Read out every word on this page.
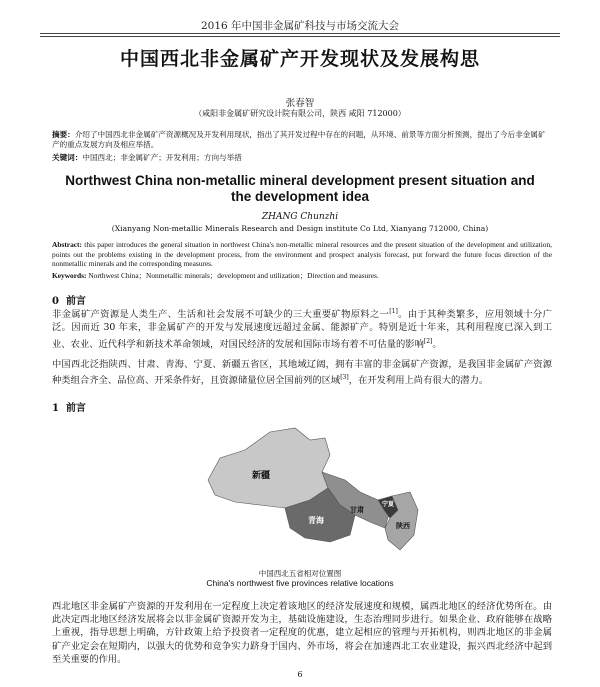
2016 年中国非金属矿科技与市场交流大会
中国西北非金属矿产开发现状及发展构思
张春智
（咸阳非金属矿研究设计院有限公司，陕西 咸阳 712000）
摘要：介绍了中国西北非金属矿产资源概况及开发利用现状，指出了其开发过程中存在的问题，从环境、前景等方面分析预测，提出了今后非金属矿产的重点发展方向及相应举措。
关键词：中国西北；非金属矿产；开发利用；方向与举措
Northwest China non-metallic mineral development present situation and the development idea
ZHANG Chunzhi
(Xianyang Non-metallic Minerals Research and Design institute Co Ltd, Xianyang 712000, China)
Abstract: this paper introduces the general situation in northwest China's non-metallic mineral resources and the present situation of the development and utilization, points out the problems existing in the development process, from the environment and prospect analysis forecast, put forward the future focus direction of the nonmetallic minerals and the corresponding measures.
Keywords: Northwest China；Nonmetallic minerals；development and utilization；Direction and measures.
0 前言
非金属矿产资源是人类生产、生活和社会发展不可缺少的三大重要矿物原料之一[1]。由于其种类繁多，应用领域十分广泛。因而近 30 年来，非金属矿产的开发与发展速度远超过金属、能源矿产。特别是近十年来，其利用程度已深入到工业、农业、近代科学和新技术革命领域，对国民经济的发展和国际市场有着不可估量的影响[2]。
中国西北泛指陕西、甘肃、青海、宁夏、新疆五省区，其地域辽阔，拥有丰富的非金属矿产资源，是我国非金属矿产资源种类组合齐全、品位高、开采条件好，且资源储量位居全国前列的区域[3]，在开发利用上尚有很大的潜力。
1 前言
新疆
青海
甘肃
宁夏
陕西
中国西北五省相对位置图
China's northwest five provinces relative locations
西北地区非金属矿产资源的开发利用在一定程度上决定着该地区的经济发展速度和规模，属西北地区的经济优势所在。由此决定西北地区经济发展将会以非金属矿资源开发为主，基础设施建设，生态治理同步进行。如果企业、政府能够在战略上重视，指导思想上明确，方针政策上给予投资者一定程度的优惠，建立起相应的管理与开拓机构，则西北地区的非金属矿产业定会在短期内，以强大的优势和竞争实力跻身于国内、外市场，将会在加速西北工农业建设，振兴西北经济中起到至关重要的作用。
6
